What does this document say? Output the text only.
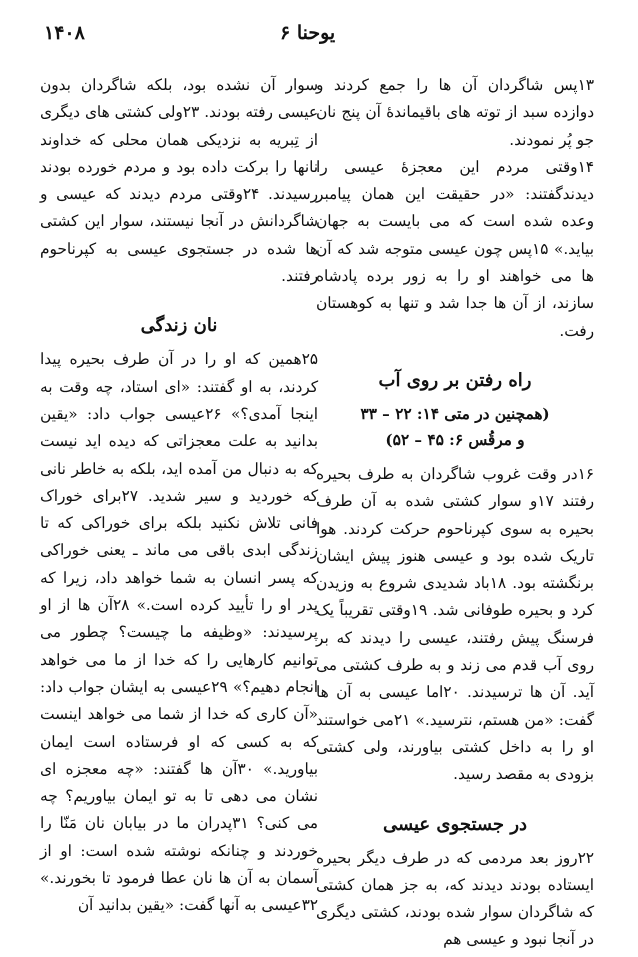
١۴٠٨	یوحنا ۶

‏١٣پس شاگردان آن ها را جمع کردند و دوازده سبد از توته های باقیماندۀ آن پنج نان جو پُر نمودند.

‏١۴وقتی مردم این معجزۀ عیسی را دیدندگفتند: «در حقیقت این همان پیامبر وعده شده است که می بایست به جهان بیاید.» ١۵پس چون عیسی متوجه شد که آن ها می خواهند او را به زور برده پادشاه سازند، از آن ها جدا شد و تنها به کوهستان رفت.

راه رفتن بر روی آب
(همچنین در متی ١۴: ٢٢ – ٣٣
و مرقُس ۶: ۴۵ – ۵٢)

‏١۶در وقت غروب شاگردان به طرف بحیره رفتند ١٧و سوار کشتی شده به آن طرف بحیره به سوی کپرناحوم حرکت کردند. هوا تاریک شده بود و عیسی هنوز پیش ایشان برنگشته بود. ١٨باد شدیدی شروع به وزیدن کرد و بحیره طوفانی شد. ١٩وقتی تقریباً یک فرسنگ پیش رفتند، عیسی را دیدند که بر روی آب قدم می زند و به طرف کشتی می آید. آن ها ترسیدند. ٢٠اما عیسی به آن ها گفت: «من هستم، نترسید.» ٢١می خواستند او را به داخل کشتی بیاورند، ولی کشتی بزودی به مقصد رسید.

در جستجوی عیسی

‏٢٢روز بعد مردمی که در طرف دیگر بحیره ایستاده بودند دیدند که، به جز همان کشتی که شاگردان سوار شده بودند، کشتی دیگری در آنجا نبود و عیسی هم

سوار آن نشده بود، بلکه شاگردان بدون عیسی رفته بودند. ٢٣ولی کشتی های دیگری از تِبریه به نزدیکی همان محلی که خداوند نانها را برکت داده بود و مردم خورده بودند رسیدند. ٢۴وقتی مردم دیدند که عیسی و شاگردانش در آنجا نیستند، سوار این کشتی ها شده در جستجوی عیسی به کپرناحوم رفتند.

نان زندگی

‏٢۵همین که او را در آن طرف بحیره پیدا کردند، به او گفتند: «ای استاد، چه وقت به اینجا آمدی؟» ٢۶عیسی جواب داد: «یقین بدانید به علت معجزاتی که دیده اید نیست که به دنبال من آمده اید، بلکه به خاطر نانی که خوردید و سیر شدید. ٢٧برای خوراک فانی تلاش نکنید بلکه برای خوراکی که تا زندگی ابدی باقی می ماند ـ یعنی خوراکی که پسر انسان به شما خواهد داد، زیرا که پدر او را تأیید کرده است.» ٢٨آن ها از او پرسیدند: «وظیفه ما چیست؟ چطور می توانیم کارهایی را که خدا از ما می خواهد انجام دهیم؟» ٢٩عیسی به ایشان جواب داد: «آن کاری که خدا از شما می خواهد اینست که به کسی که او فرستاده است ایمان بیاورید.» ٣٠آن ها گفتند: «چه معجزه ای نشان می دهی تا به تو ایمان بیاوریم؟ چه می کنی؟ ٣١پدران ما در بیابان نان مَنّا را خوردند و چنانکه نوشته شده است: او از آسمان به آن ها نان عطا فرمود تا بخورند.» ٣٢عیسی به آنها گفت: «یقین بدانید آن
